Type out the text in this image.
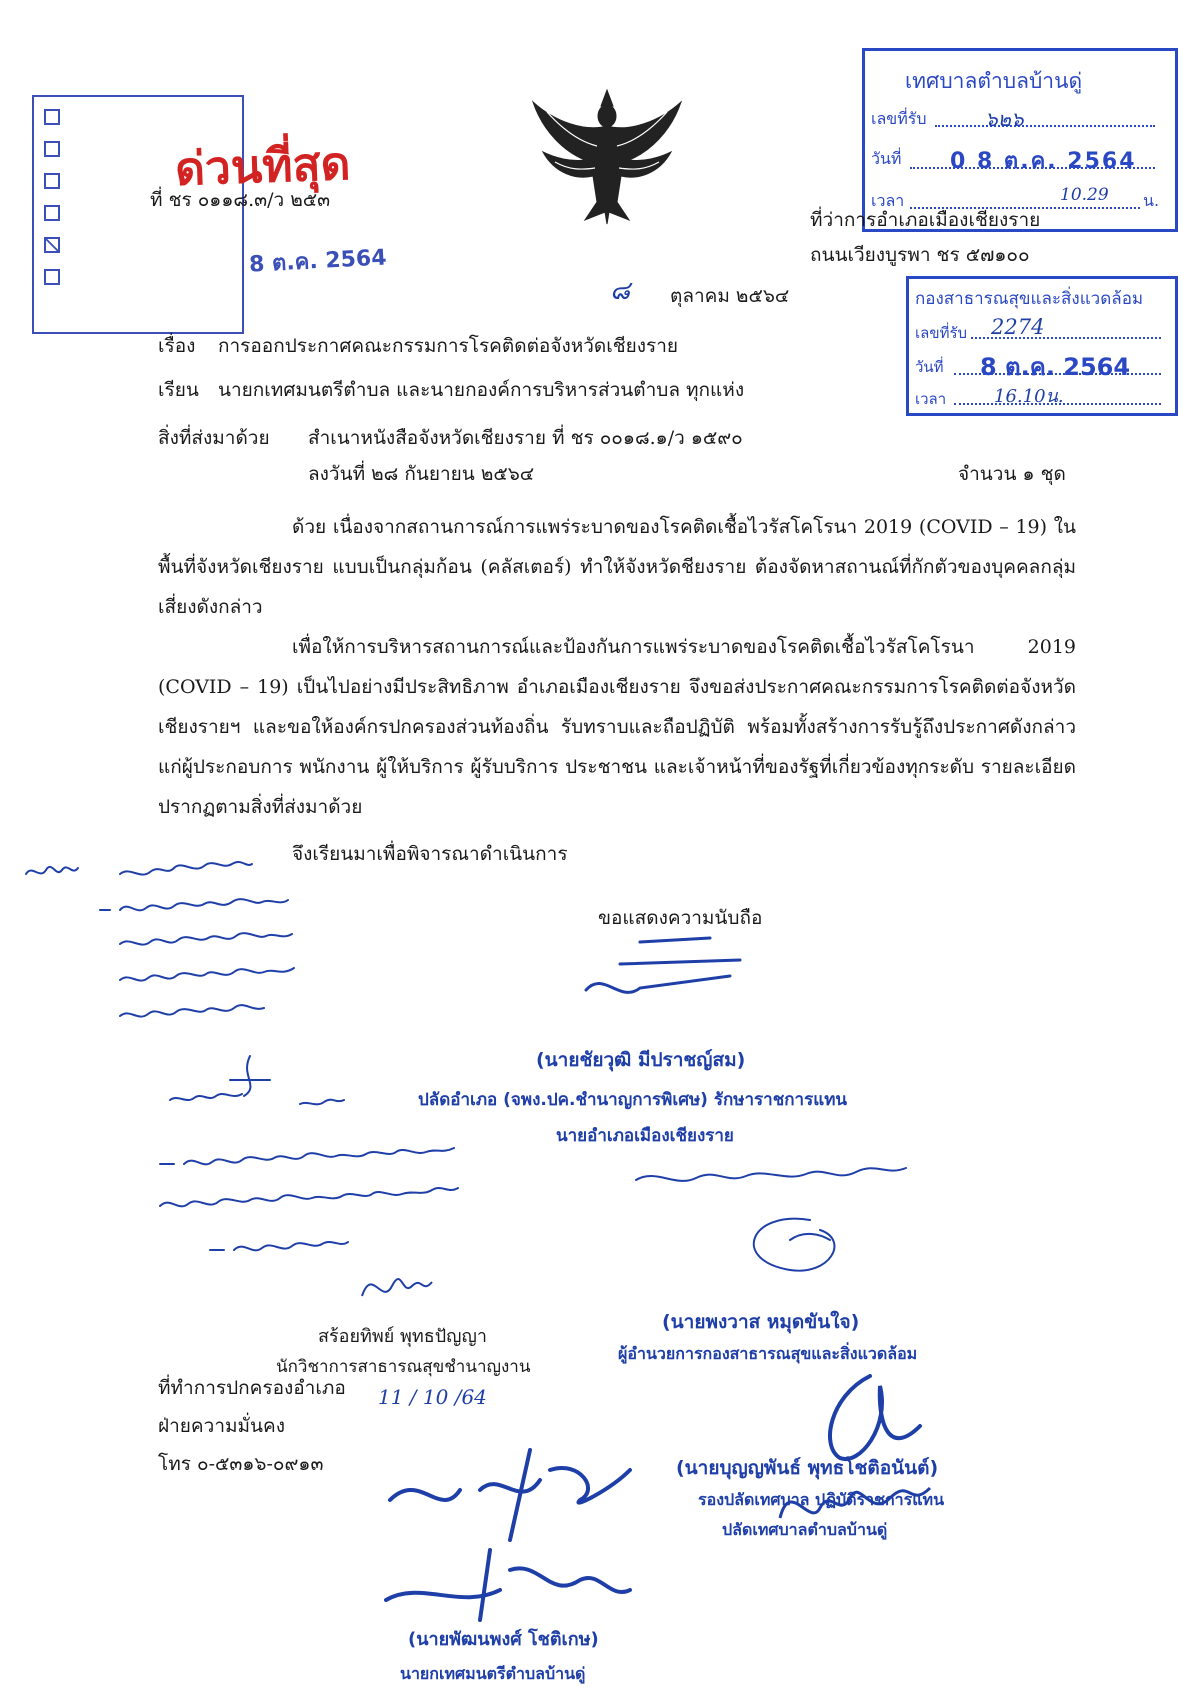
8 ต.ค. 2564
ด่วนที่สุด
ที่ ชร ๐๑๑๘.๓/ว ๒๕๓
เทศบาลตำบลบ้านดู่
เลขที่รับ	๖๒๖
วันที่	0 8 ต.ค. 2564
เวลา	10.29	น.
ที่ว่าการอำเภอเมืองเชียงราย
ถนนเวียงบูรพา ชร ๕๗๑๐๐
กองสาธารณสุขและสิ่งแวดล้อม
เลขที่รับ	2274
วันที่	8 ต.ค. 2564
เวลา	16.10น.
๘ ตุลาคม ๒๕๖๔
เรื่อง การออกประกาศคณะกรรมการโรคติดต่อจังหวัดเชียงราย
เรียน นายกเทศมนตรีตำบล และนายกองค์การบริหารส่วนตำบล ทุกแห่ง
สิ่งที่ส่งมาด้วย สำเนาหนังสือจังหวัดเชียงราย ที่ ชร ๐๐๑๘.๑/ว ๑๕๙๐
ลงวันที่ ๒๘ กันยายน ๒๕๖๔	จำนวน ๑ ชุด
ด้วย เนื่องจากสถานการณ์การแพร่ระบาดของโรคติดเชื้อไวรัสโคโรนา 2019 (COVID – 19) ในพื้นที่จังหวัดเชียงราย แบบเป็นกลุ่มก้อน (คลัสเตอร์) ทำให้จังหวัดชียงราย ต้องจัดหาสถานณ์ที่กักตัวของบุคคลกลุ่มเสี่ยงดังกล่าว
เพื่อให้การบริหารสถานการณ์และป้องกันการแพร่ระบาดของโรคติดเชื้อไวรัสโคโรนา 2019 (COVID – 19) เป็นไปอย่างมีประสิทธิภาพ อำเภอเมืองเชียงราย จึงขอส่งประกาศคณะกรรมการโรคติดต่อจังหวัดเชียงรายฯ และขอให้องค์กรปกครองส่วนท้องถิ่น รับทราบและถือปฏิบัติ พร้อมทั้งสร้างการรับรู้ถึงประกาศดังกล่าวแก่ผู้ประกอบการ พนักงาน ผู้ให้บริการ ผู้รับบริการ ประชาชน และเจ้าหน้าที่ของรัฐที่เกี่ยวข้องทุกระดับ รายละเอียดปรากฏตามสิ่งที่ส่งมาด้วย
จึงเรียนมาเพื่อพิจารณาดำเนินการ
ขอแสดงความนับถือ
(นายชัยวุฒิ มีปราชญ์สม)
ปลัดอำเภอ (จพง.ปค.ชำนาญการพิเศษ) รักษาราชการแทน
นายอำเภอเมืองเชียงราย
สร้อยทิพย์ พุทธปัญญา
นักวิชาการสาธารณสุขชำนาญงาน
11 / 10 /64
(นายพงวาส หมุดขันใจ)
ผู้อำนวยการกองสาธารณสุขและสิ่งแวดล้อม
ที่ทำการปกครองอำเภอ
ฝ่ายความมั่นคง
โทร ๐-๕๓๑๖-๐๙๑๓	(นายบุญญพันธ์ พุทธโชติอนันต์)
รองปลัดเทศบาล ปฏิบัติราชการแทน
ปลัดเทศบาลตำบลบ้านดู่
(นายพัฒนพงศ์ โชติเกษ)
นายกเทศมนตรีตำบลบ้านดู่
